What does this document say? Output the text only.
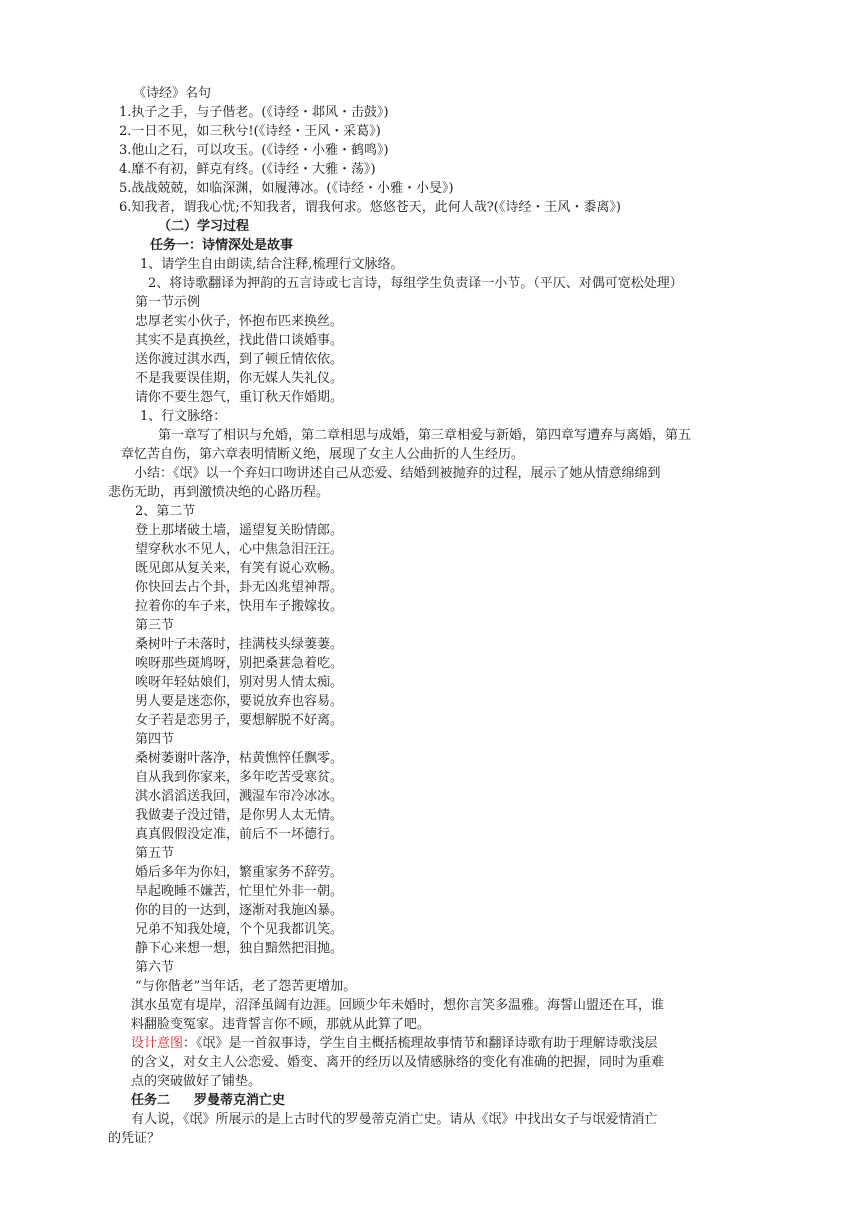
《诗经》名句
1.执子之手，与子偕老。(《诗经・邶风・击鼓》)
2.一日不见，如三秋兮!(《诗经・王风・采葛》)
3.他山之石，可以攻玉。(《诗经・小雅・鹤鸣》)
4.靡不有初，鲜克有终。(《诗经・大雅・荡》)
5.战战兢兢，如临深渊，如履薄冰。(《诗经・小雅・小旻》)
6.知我者，谓我心忧;不知我者，谓我何求。悠悠苍天，此何人哉?(《诗经・王风・黍离》)
（二）学习过程
任务一：诗情深处是故事
1、请学生自由朗读,结合注释,梳理行文脉络。
2、将诗歌翻译为押韵的五言诗或七言诗，每组学生负责译一小节。（平仄、对偶可宽松处理）
第一节示例
忠厚老实小伙子，怀抱布匹来换丝。
其实不是真换丝，找此借口谈婚事。
送你渡过淇水西，到了顿丘情依依。
不是我要误佳期，你无媒人失礼仪。
请你不要生怨气，重订秋天作婚期。
1、行文脉络：
第一章写了相识与允婚，第二章相思与成婚，第三章相爱与新婚，第四章写遭弃与离婚，第五
章忆苦自伤，第六章表明情断义绝，展现了女主人公曲折的人生经历。
小结：《氓》以一个弃妇口吻讲述自己从恋爱、结婚到被抛弃的过程，展示了她从情意绵绵到
悲伤无助，再到激愤决绝的心路历程。
2、第二节
登上那堵破土墙，遥望复关盼情郎。
望穿秋水不见人，心中焦急泪汪汪。
既见郎从复关来，有笑有说心欢畅。
你快回去占个卦，卦无凶兆望神帮。
拉着你的车子来，快用车子搬嫁妆。
第三节
桑树叶子未落时，挂满枝头绿萋萋。
唉呀那些斑鸠呀，别把桑葚急着吃。
唉呀年轻姑娘们，别对男人情太痴。
男人要是迷恋你，要说放弃也容易。
女子若是恋男子，要想解脱不好离。
第四节
桑树萎谢叶落净，枯黄憔悴任飘零。
自从我到你家来，多年吃苦受寒贫。
淇水滔滔送我回，溅湿车帘冷冰冰。
我做妻子没过错，是你男人太无情。
真真假假没定准，前后不一坏德行。
第五节
婚后多年为你妇，繁重家务不辞劳。
早起晚睡不嫌苦，忙里忙外非一朝。
你的目的一达到，逐渐对我施凶暴。
兄弟不知我处境，个个见我都讥笑。
静下心来想一想，独自黯然把泪抛。
第六节
“与你偕老”当年话，老了怨苦更增加。
淇水虽宽有堤岸，沼泽虽阔有边涯。回顾少年未婚时，想你言笑多温雅。海誓山盟还在耳，谁
料翻脸变冤家。违背誓言你不顾，那就从此算了吧。
设计意图：《氓》是一首叙事诗，学生自主概括梳理故事情节和翻译诗歌有助于理解诗歌浅层
的含义，对女主人公恋爱、婚变、离开的经历以及情感脉络的变化有准确的把握，同时为重难
点的突破做好了铺垫。
任务二 罗曼蒂克消亡史
有人说，《氓》所展示的是上古时代的罗曼蒂克消亡史。请从《氓》中找出女子与氓爱情消亡
的凭证？
